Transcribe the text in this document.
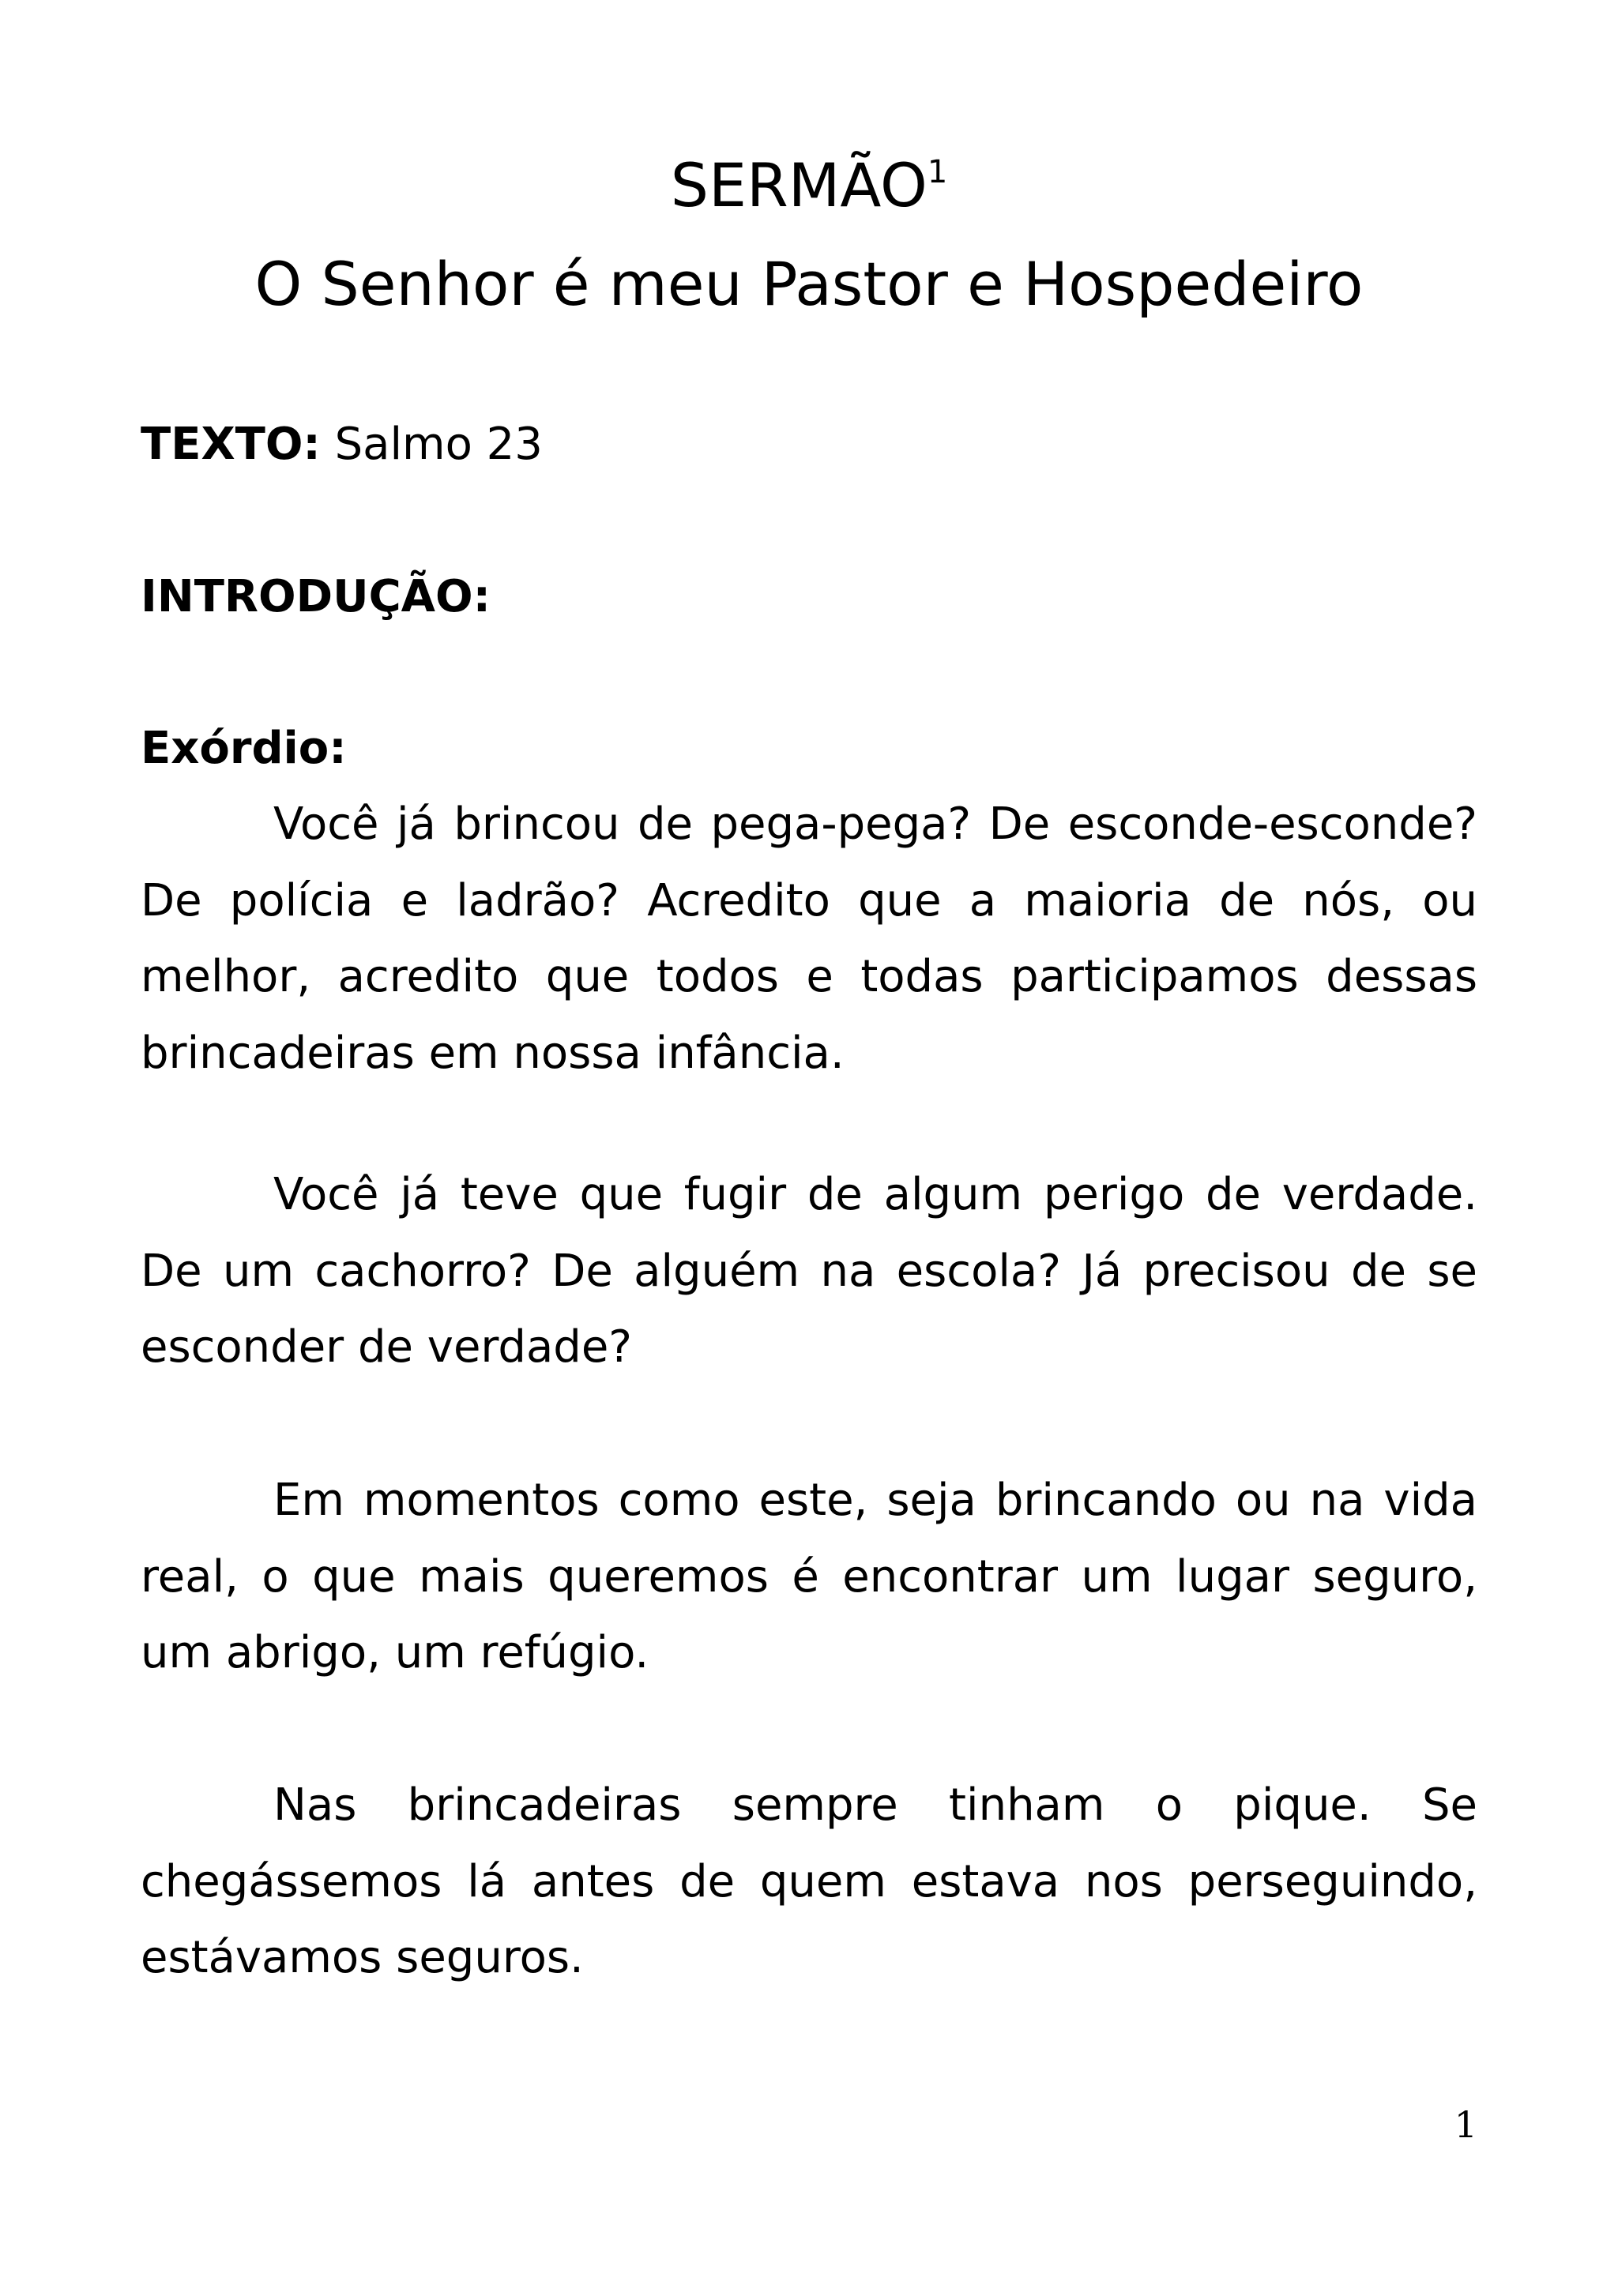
SERMÃO$^1$
O Senhor é meu Pastor e Hospedeiro
TEXTO: Salmo 23
INTRODUÇÃO:
Exórdio:

Você já brincou de pega-pega? De esconde-esconde? De polícia e ladrão? Acredito que a maioria de nós, ou melhor, acredito que todos e todas participamos dessas brincadeiras em nossa infância.

Você já teve que fugir de algum perigo de verdade. De um cachorro? De alguém na escola? Já precisou de se esconder de verdade?

Em momentos como este, seja brincando ou na vida real, o que mais queremos é encontrar um lugar seguro, um abrigo, um refúgio.

Nas brincadeiras sempre tinham o pique. Se chegássemos lá antes de quem estava nos perseguindo, estávamos seguros.

1
